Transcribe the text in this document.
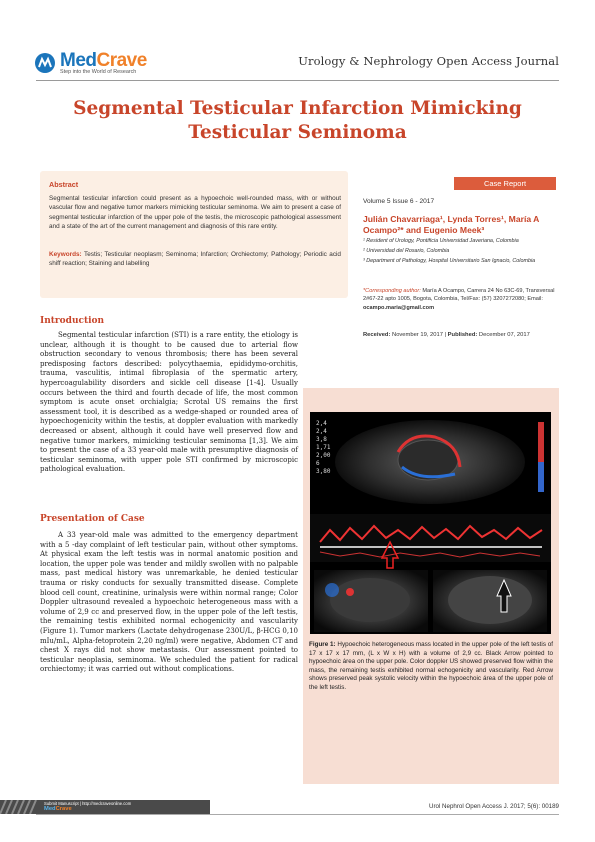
MedCrave
Step into the World of Research
Urology & Nephrology Open Access Journal
Segmental Testicular Infarction Mimicking Testicular Seminoma
Abstract
Segmental testicular infarction could present as a hypoechoic well-rounded mass, with or without vascular flow and negative tumor markers mimicking testicular seminoma. We aim to present a case of segmental testicular infarction of the upper pole of the testis, the microscopic pathological assessment and a state of the art of the current management and diagnosis of this rare entity.
Keywords: Testis; Testicular neoplasm; Seminoma; Infarction; Orchiectomy; Pathology; Periodic acid shiff reaction; Staining and labelling
Case Report
Volume 5 Issue 6 - 2017
Julián Chavarriaga¹, Lynda Torres¹, María A Ocampo²* and Eugenio Meek³
¹ Resident of Urology, Pontificia Universidad Javeriana, Colombia
² Universidad del Rosario, Colombia
³ Department of Pathology, Hospital Universitario San Ignacio, Colombia
*Corresponding author: María A Ocampo, Carrera 24 No 63C-69, Transversal 2#67-22 apto 1005, Bogota, Colombia, Tel/Fax: (57) 3207272080; Email: ocampo.maria@gmail.com
Received: November 19, 2017 | Published: December 07, 2017
Introduction

Segmental testicular infarction (STI) is a rare entity, the etiology is unclear, although it is thought to be caused due to arterial flow obstruction secondary to venous thrombosis; there has been several predisposing factors described: polycythaemia, epididymo-orchitis, trauma, vasculitis, intimal fibroplasia of the spermatic artery, hypercoagulability disorders and sickle cell disease [1-4]. Usually occurs between the third and fourth decade of life, the most common symptom is acute onset orchialgia; Scrotal US remains the first assessment tool, it is described as a wedge-shaped or rounded area of hypoechogenicity within the testis, at doppler evaluation with markedly decreased or absent, although it could have well preserved flow and negative tumor markers, mimicking testicular seminoma [1,3]. We aim to present the case of a 33 year-old male with presumptive diagnosis of testicular seminoma, with upper pole STI confirmed by microscopic pathological evaluation.

Presentation of Case

A 33 year-old male was admitted to the emergency department with a 5 -day complaint of left testicular pain, without other symptoms. At physical exam the left testis was in normal anatomic position and location, the upper pole was tender and mildly swollen with no palpable mass, past medical history was unremarkable, he denied testicular trauma or risky conducts for sexually transmitted disease. Complete blood cell count, creatinine, urinalysis were within normal range; Color Doppler ultrasound revealed a hypoechoic heterogeneous mass with a volume of 2,9 cc and preserved flow, in the upper pole of the left testis, the remaining testis exhibited normal echogenicity and vascularity (Figure 1). Tumor markers (Lactate dehydrogenase 230U/L, β-HCG 0,10 mIu/mL, Alpha-fetoprotein 2,20 ng/ml) were negative, Abdomen CT and chest X rays did not show metastasis. Our assessment pointed to testicular neoplasia, seminoma. We scheduled the patient for radical orchiectomy; it was carried out without complications.

2,4
2,4
3,8
1,71
2,00
6
3,80
Figure 1: Hypoechoic heterogeneous mass located in the upper pole of the left testis of 17 x 17 x 17 mm, (L x W x H) with a volume of 2,9 cc. Black Arrow pointed to hypoechoic área on the upper pole. Color doppler US showed preserved flow within the mass, the remaining testis exhibited normal echogenicity and vascularity. Red Arrow shows preserved peak systolic velocity within the hypoechoic área of the upper pole of the left testis.
Submit Manuscript | http://medcraveonline.com
MedCrave	Urol Nephrol Open Access J. 2017; 5(6): 00189
